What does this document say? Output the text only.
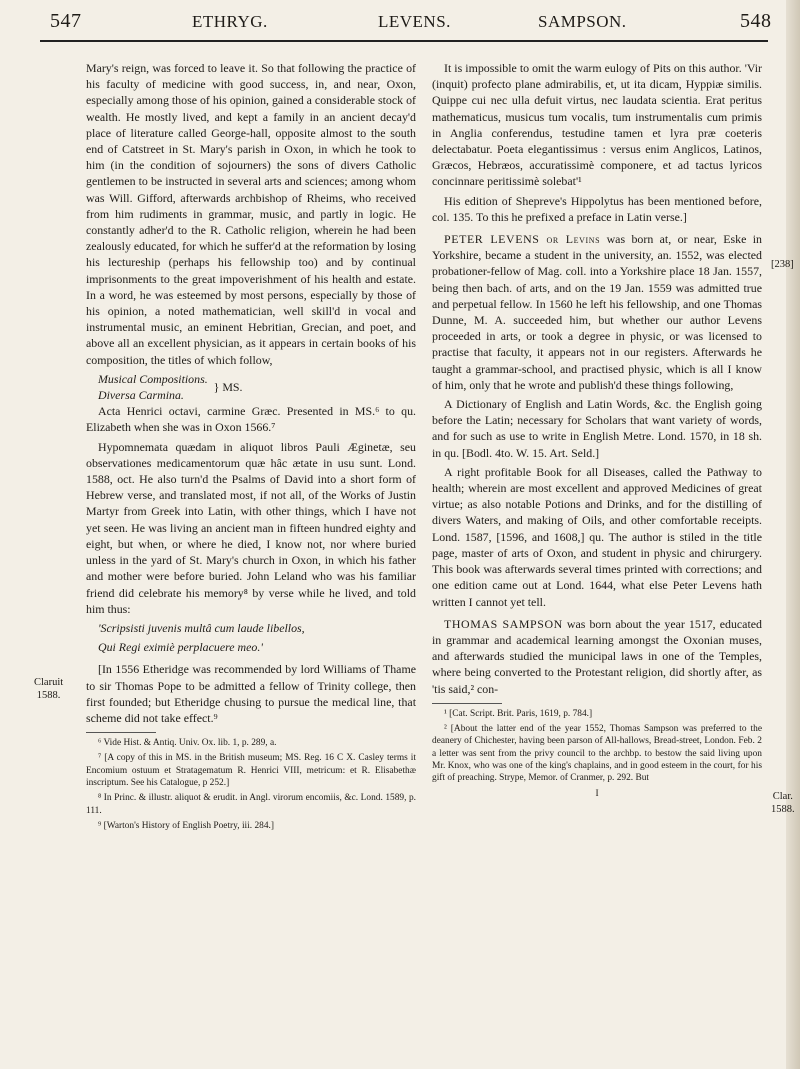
547	ETHRYG.	LEVENS.	SAMPSON.	548
Claruit
1588.
[238]
Clar.
1588.

Mary's reign, was forced to leave it. So that following the practice of his faculty of medicine with good success, in, and near, Oxon, especially among those of his opinion, gained a considerable stock of wealth. He mostly lived, and kept a family in an ancient decay'd place of literature called George-hall, opposite almost to the south end of Catstreet in St. Mary's parish in Oxon, in which he took to him (in the condition of sojourners) the sons of divers Catholic gentlemen to be instructed in several arts and sciences; among whom was Will. Gifford, afterwards archbishop of Rheims, who received from him rudiments in grammar, music, and partly in logic. He constantly adher'd to the R. Catholic religion, wherein he had been zealously educated, for which he suffer'd at the reformation by losing his lectureship (perhaps his fellowship too) and by continual imprisonments to the great impoverishment of his health and estate. In a word, he was esteemed by most persons, especially by those of his opinion, a noted mathematician, well skill'd in vocal and instrumental music, an eminent Hebritian, Grecian, and poet, and above all an excellent physician, as it appears in certain books of his composition, the titles of which follow,

Musical Compositions.
Diversa Carmina.
} MS.

Acta Henrici octavi, carmine Græc. Presented in MS.⁶ to qu. Elizabeth when she was in Oxon 1566.⁷

Hypomnemata quædam in aliquot libros Pauli Æginetæ, seu observationes medicamentorum quæ hâc ætate in usu sunt. Lond. 1588, oct. He also turn'd the Psalms of David into a short form of Hebrew verse, and translated most, if not all, of the Works of Justin Martyr from Greek into Latin, with other things, which I have not yet seen. He was living an ancient man in fifteen hundred eighty and eight, but when, or where he died, I know not, nor where buried unless in the yard of St. Mary's church in Oxon, in which his father and mother were before buried. John Leland who was his familiar friend did celebrate his memory⁸ by verse while he lived, and told him thus:

'Scripsisti juvenis multâ cum laude libellos,

Qui Regi eximiè perplacuere meo.'

[In 1556 Etheridge was recommended by lord Williams of Thame to sir Thomas Pope to be admitted a fellow of Trinity college, then first founded; but Etheridge chusing to pursue the medical line, that scheme did not take effect.⁹

⁶ Vide Hist. & Antiq. Univ. Ox. lib. 1, p. 289, a.

⁷ [A copy of this in MS. in the British museum; MS. Reg. 16 C X. Casley terms it Encomium ostuum et Stratagematum R. Henrici VIII, metricum: et R. Elisabethæ inscriptum. See his Catalogue, p 252.]

⁸ In Princ. & illustr. aliquot & erudit. in Angl. virorum encomiis, &c. Lond. 1589, p. 111.

⁹ [Warton's History of English Poetry, iii. 284.]

It is impossible to omit the warm eulogy of Pits on this author. 'Vir (inquit) profecto plane admirabilis, et, ut ita dicam, Hyppiæ similis. Quippe cui nec ulla defuit virtus, nec laudata scientia. Erat peritus mathematicus, musicus tum vocalis, tum instrumentalis cum primis in Anglia conferendus, testudine tamen et lyra præ coeteris delectabatur. Poeta elegantissimus : versus enim Anglicos, Latinos, Græcos, Hebræos, accuratissimè componere, et ad tactus lyricos concinnare peritissimè solebat'¹

His edition of Shepreve's Hippolytus has been mentioned before, col. 135. To this he prefixed a preface in Latin verse.]

PETER LEVENS or Levins was born at, or near, Eske in Yorkshire, became a student in the university, an. 1552, was elected probationer-fellow of Mag. coll. into a Yorkshire place 18 Jan. 1557, being then bach. of arts, and on the 19 Jan. 1559 was admitted true and perpetual fellow. In 1560 he left his fellowship, and one Thomas Dunne, M. A. succeeded him, but whether our author Levens proceeded in arts, or took a degree in physic, or was licensed to practise that faculty, it appears not in our registers. Afterwards he taught a grammar-school, and practised physic, which is all I know of him, only that he wrote and publish'd these things following,

A Dictionary of English and Latin Words, &c. the English going before the Latin; necessary for Scholars that want variety of words, and for such as use to write in English Metre. Lond. 1570, in 18 sh. in qu. [Bodl. 4to. W. 15. Art. Seld.]

A right profitable Book for all Diseases, called the Pathway to health; wherein are most excellent and approved Medicines of great virtue; as also notable Potions and Drinks, and for the distilling of divers Waters, and making of Oils, and other comfortable receipts. Lond. 1587, [1596, and 1608,] qu. The author is stiled in the title page, master of arts of Oxon, and student in physic and chirurgery. This book was afterwards several times printed with corrections; and one edition came out at Lond. 1644, what else Peter Levens hath written I cannot yet tell.

THOMAS SAMPSON was born about the year 1517, educated in grammar and academical learning amongst the Oxonian muses, and afterwards studied the municipal laws in one of the Temples, where being converted to the Protestant religion, did shortly after, as 'tis said,² con-

¹ [Cat. Script. Brit. Paris, 1619, p. 784.]

² [About the latter end of the year 1552, Thomas Sampson was preferred to the deanery of Chichester, having been parson of All-hallows, Bread-street, London. Feb. 2 a letter was sent from the privy council to the archbp. to bestow the said living upon Mr. Knox, who was one of the king's chaplains, and in good esteem in the court, for his gift of preaching. Strype, Memor. of Cranmer, p. 292. But

I
